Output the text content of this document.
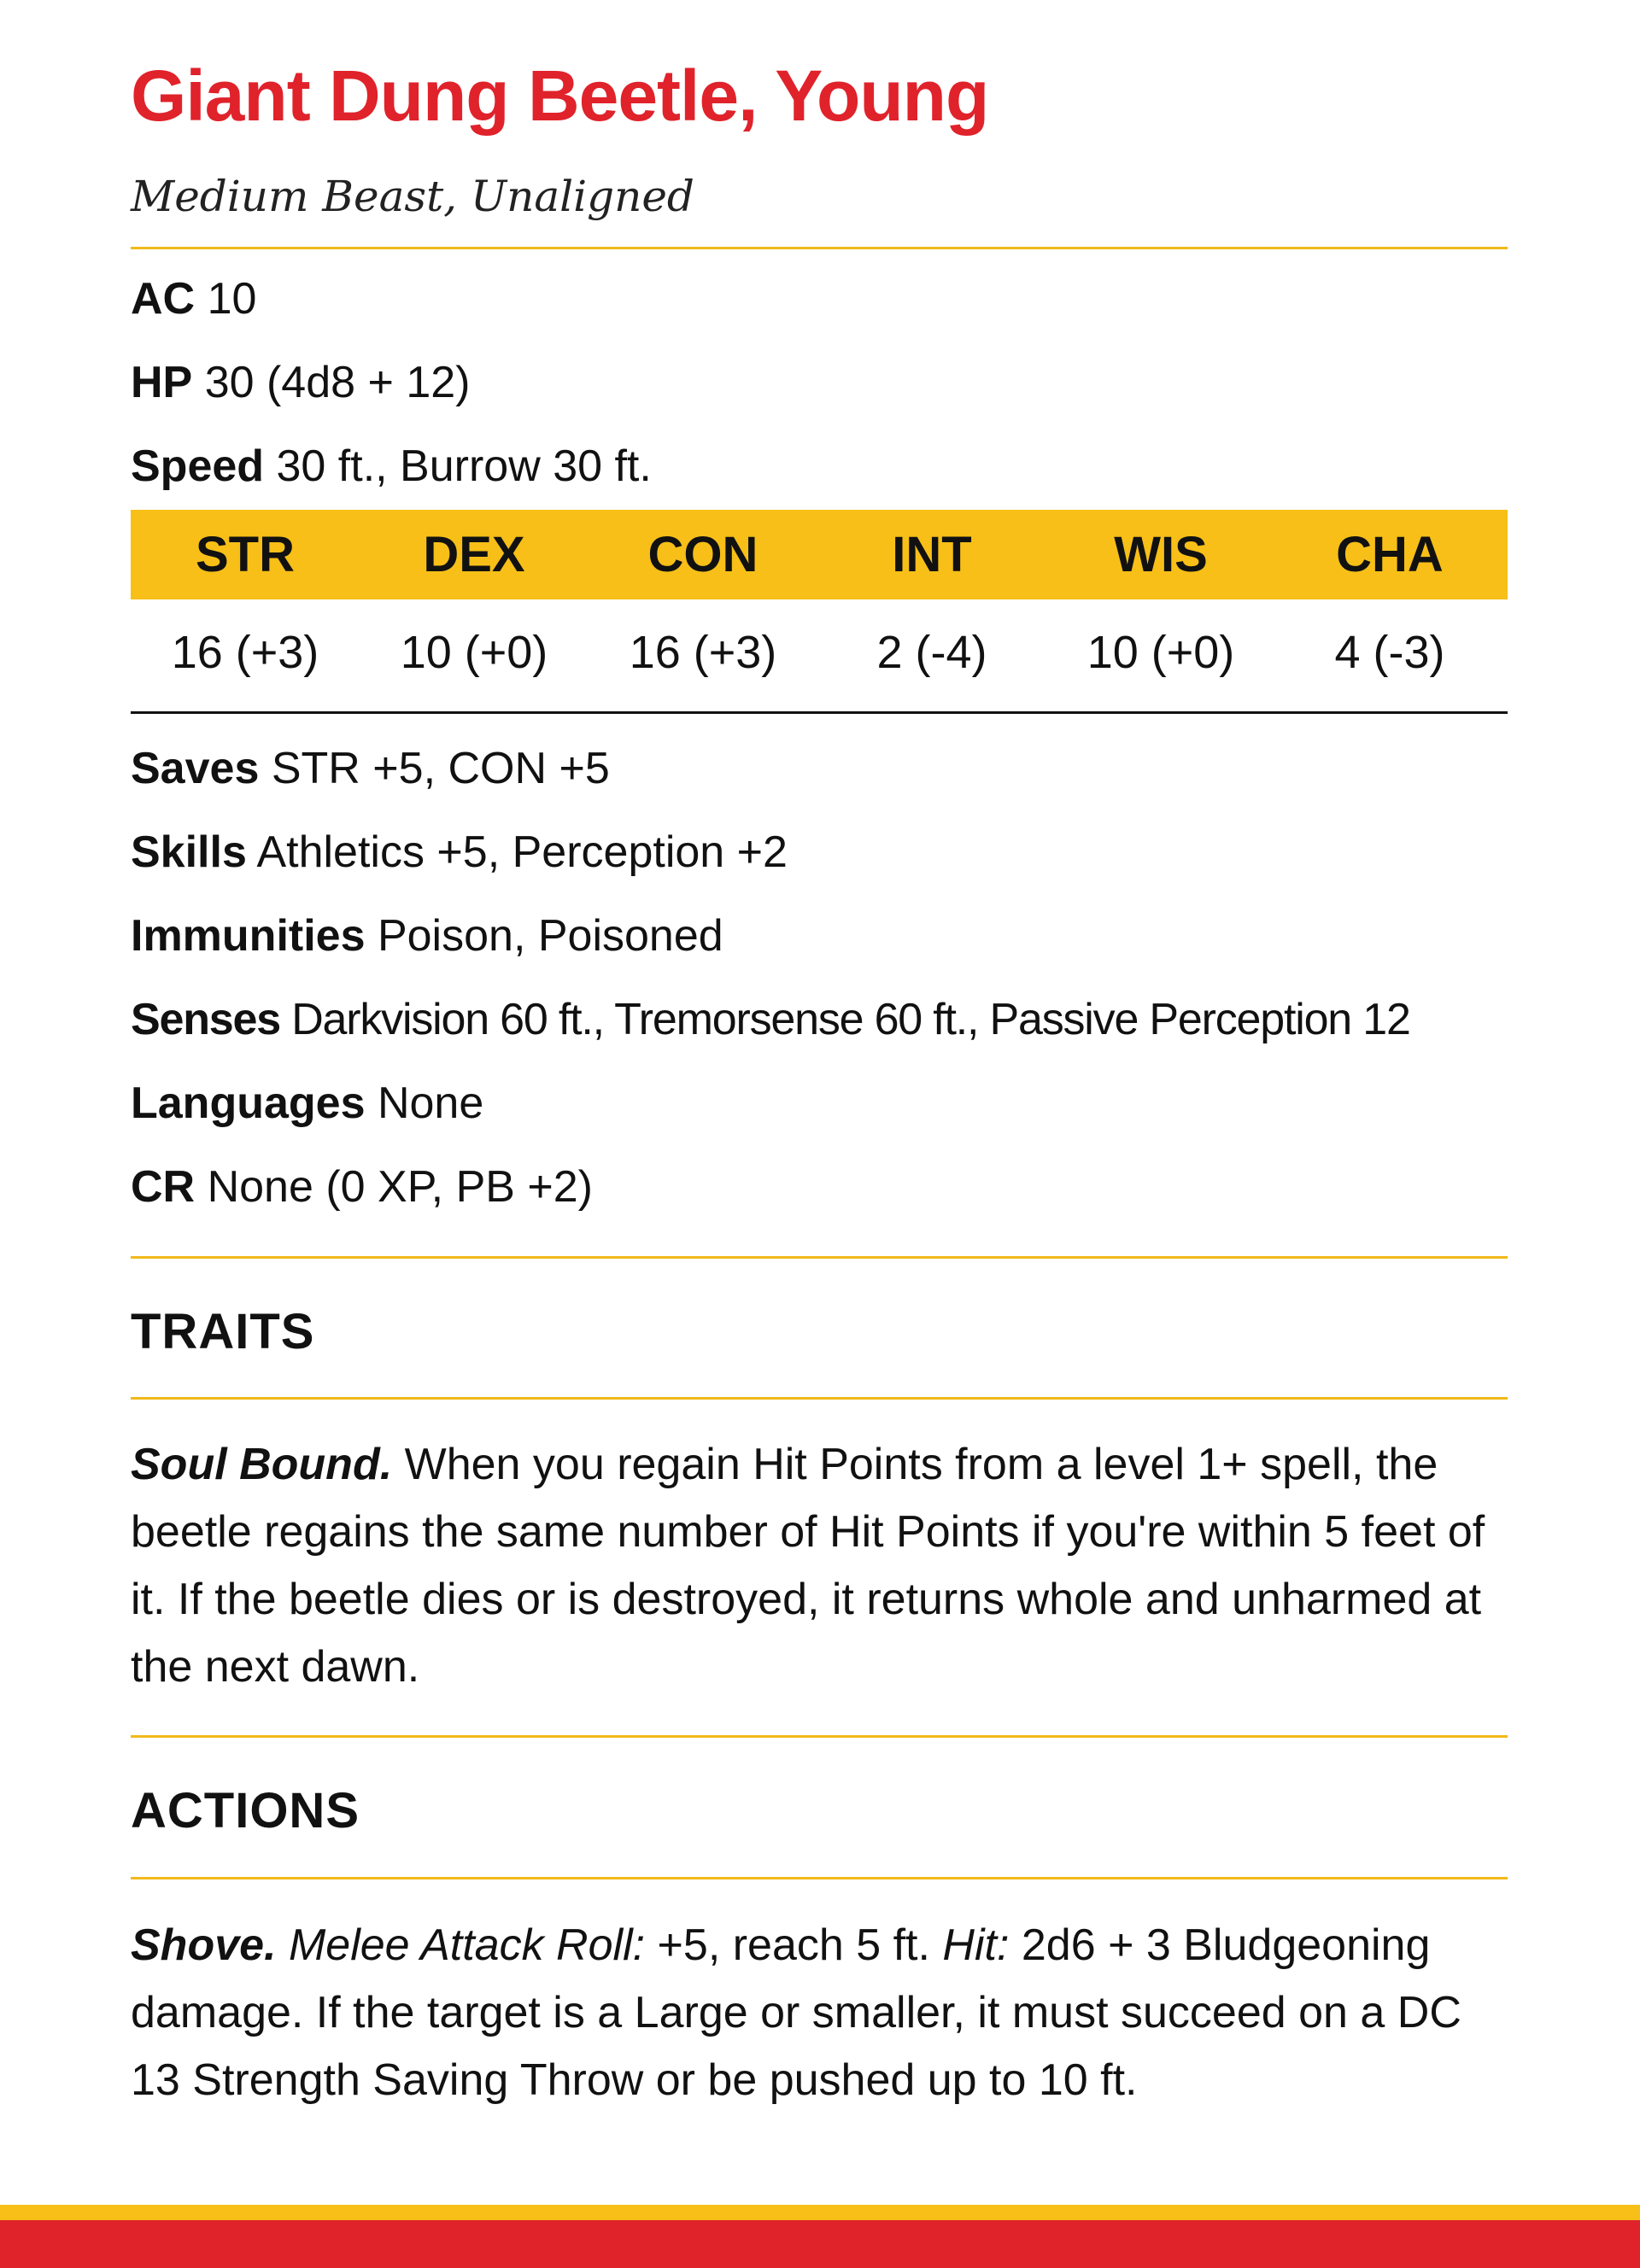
Giant Dung Beetle, Young
Medium Beast, Unaligned
AC 10
HP 30 (4d8 + 12)
Speed 30 ft., Burrow 30 ft.
STR	DEX	CON	INT	WIS	CHA
16 (+3)	10 (+0)	16 (+3)	2 (-4)	10 (+0)	4 (-3)
Saves STR +5, CON +5
Skills Athletics +5, Perception +2
Immunities Poison, Poisoned
Senses Darkvision 60 ft., Tremorsense 60 ft., Passive Perception 12
Languages None
CR None (0 XP, PB +2)
TRAITS

Soul Bound. When you regain Hit Points from a level 1+ spell, the beetle regains the same number of Hit Points if you're within 5 feet of it. If the beetle dies or is destroyed, it returns whole and unharmed at the next dawn.

ACTIONS

Shove. Melee Attack Roll: +5, reach 5 ft. Hit: 2d6 + 3 Bludgeoning damage. If the target is a Large or smaller, it must succeed on a DC 13 Strength Saving Throw or be pushed up to 10 ft.
